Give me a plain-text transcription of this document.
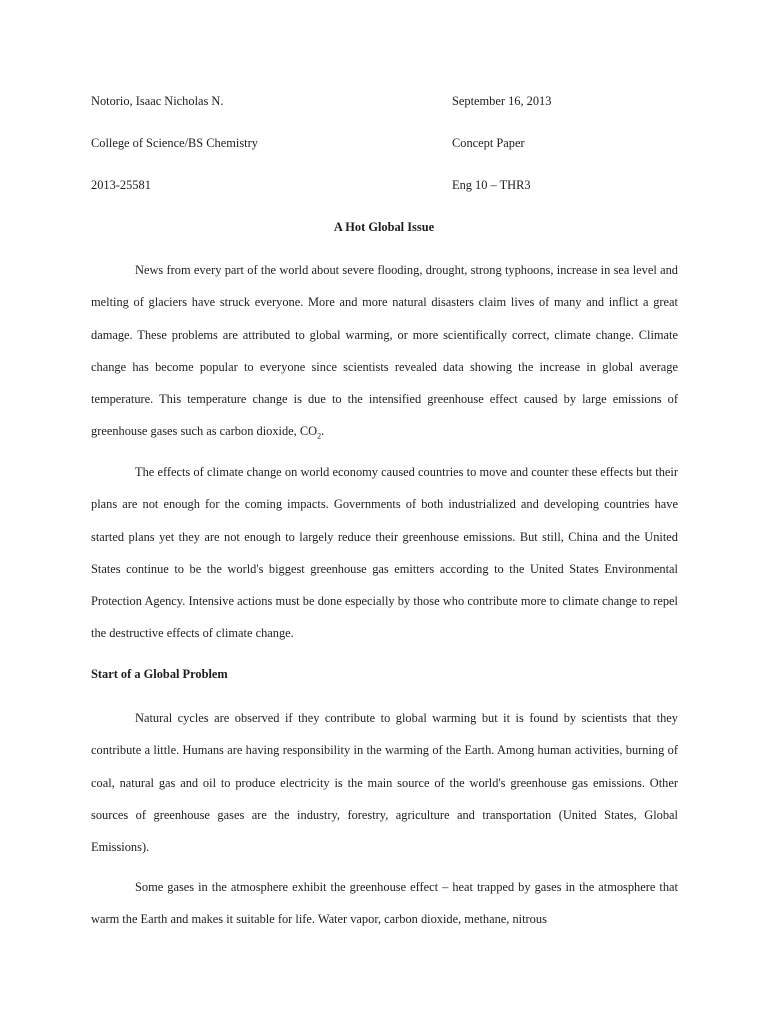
Notorio, Isaac Nicholas N.	September 16, 2013
College of Science/BS Chemistry	Concept Paper
2013-25581	Eng 10 – THR3
A Hot Global Issue

News from every part of the world about severe flooding, drought, strong typhoons, increase in sea level and melting of glaciers have struck everyone. More and more natural disasters claim lives of many and inflict a great damage. These problems are attributed to global warming, or more scientifically correct, climate change. Climate change has become popular to everyone since scientists revealed data showing the increase in global average temperature. This temperature change is due to the intensified greenhouse effect caused by large emissions of greenhouse gases such as carbon dioxide, $CO_2$.

The effects of climate change on world economy caused countries to move and counter these effects but their plans are not enough for the coming impacts. Governments of both industrialized and developing countries have started plans yet they are not enough to largely reduce their greenhouse emissions. But still, China and the United States continue to be the world's biggest greenhouse gas emitters according to the United States Environmental Protection Agency. Intensive actions must be done especially by those who contribute more to climate change to repel the destructive effects of climate change.

Start of a Global Problem

Natural cycles are observed if they contribute to global warming but it is found by scientists that they contribute a little. Humans are having responsibility in the warming of the Earth. Among human activities, burning of coal, natural gas and oil to produce electricity is the main source of the world's greenhouse gas emissions. Other sources of greenhouse gases are the industry, forestry, agriculture and transportation (United States, Global Emissions).

Some gases in the atmosphere exhibit the greenhouse effect – heat trapped by gases in the atmosphere that warm the Earth and makes it suitable for life. Water vapor, carbon dioxide, methane, nitrous
